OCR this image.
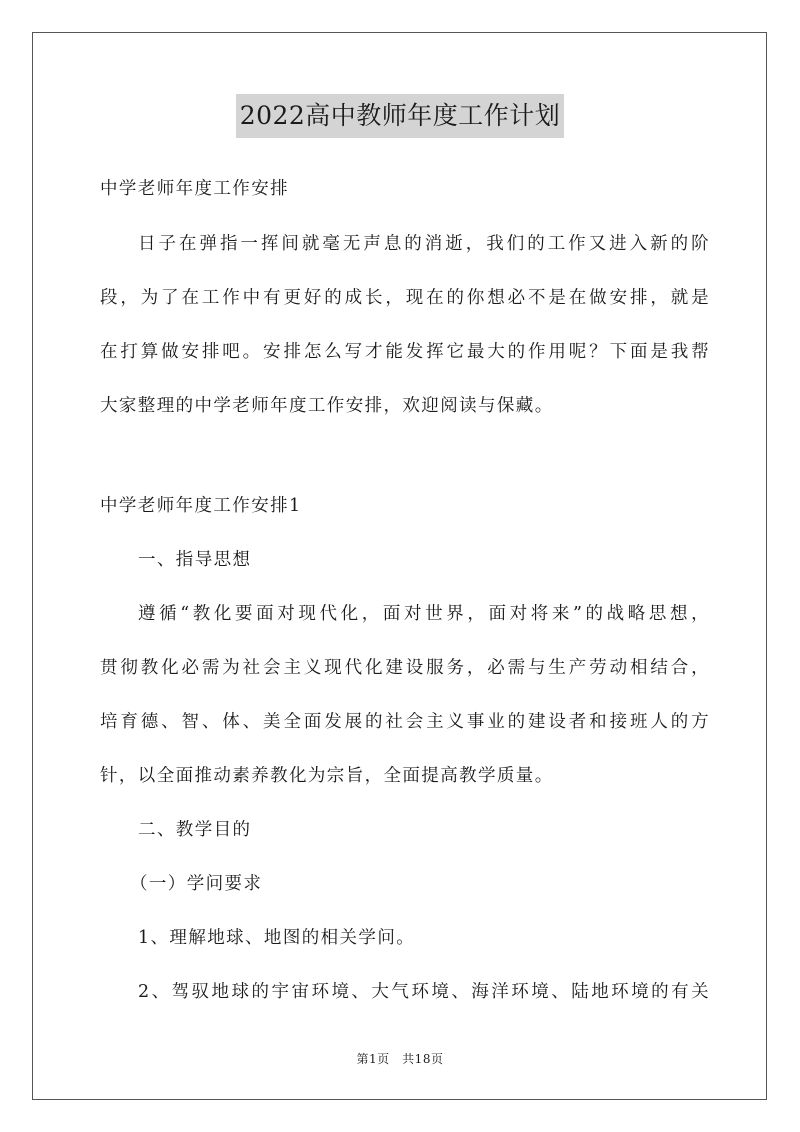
2022高中教师年度工作计划
中学老师年度工作安排
日子在弹指一挥间就毫无声息的消逝，我们的工作又进入新的阶
段，为了在工作中有更好的成长，现在的你想必不是在做安排，就是
在打算做安排吧。安排怎么写才能发挥它最大的作用呢？下面是我帮
大家整理的中学老师年度工作安排，欢迎阅读与保藏。
中学老师年度工作安排1
一、指导思想
遵循“教化要面对现代化，面对世界，面对将来”的战略思想，
贯彻教化必需为社会主义现代化建设服务，必需与生产劳动相结合，
培育德、智、体、美全面发展的社会主义事业的建设者和接班人的方
针，以全面推动素养教化为宗旨，全面提高教学质量。
二、教学目的
（一）学问要求
1、理解地球、地图的相关学问。
2、驾驭地球的宇宙环境、大气环境、海洋环境、陆地环境的有关
第1页　共18页
